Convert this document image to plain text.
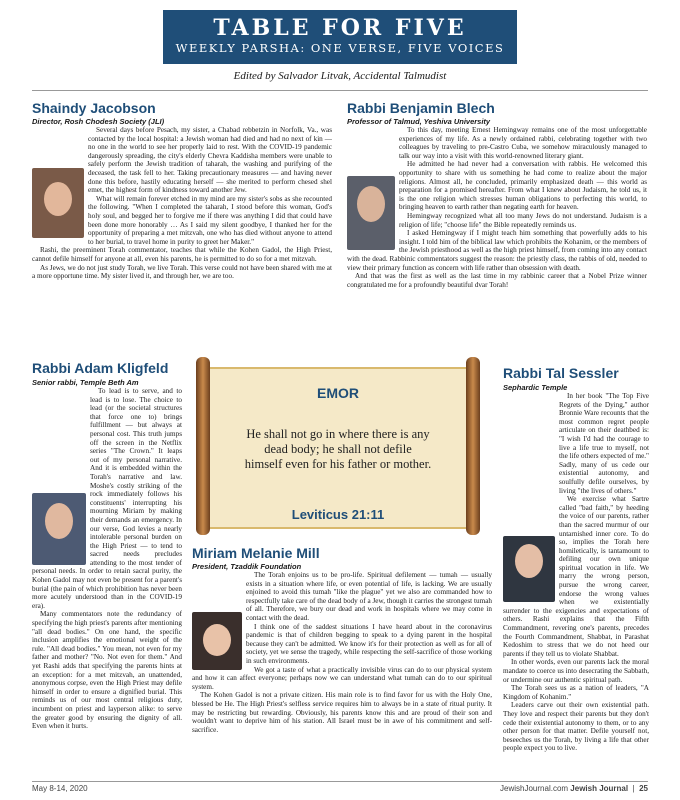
TABLE FOR FIVE
WEEKLY PARSHA: ONE VERSE, FIVE VOICES
Edited by Salvador Litvak, Accidental Talmudist
Shaindy Jacobson
Director, Rosh Chodesh Society (JLI)

Several days before Pesach, my sister, a Chabad rebbetzin in Norfolk, Va., was contacted by the local hospital: a Jewish woman had died and had no next of kin — no one in the world to see her properly laid to rest. With the COVID-19 pandemic dangerously spreading, the city's elderly Chevra Kaddisha members were unable to safely perform the Jewish tradition of taharah, the washing and purifying of the deceased, the task fell to her. Taking precautionary measures — and having never done this before, hastily educating herself — she merited to perform chesed shel emet, the highest form of kindness toward another Jew.

What will remain forever etched in my mind are my sister's sobs as she recounted the following. "When I completed the taharah, I stood before this woman, God's holy soul, and begged her to forgive me if there was anything I did that could have been done more honorably … As I said my silent goodbye, I thanked her for the opportunity of preparing a met mitzvah, one who has died without anyone to attend to her burial, to travel home in purity to greet her Maker."

Rashi, the preeminent Torah commentator, teaches that while the Kohen Gadol, the High Priest, cannot defile himself for anyone at all, even his parents, he is permitted to do so for a met mitzvah.

As Jews, we do not just study Torah, we live Torah. This verse could not have been shared with me at a more opportune time. My sister lived it, and through her, we are too.

Rabbi Benjamin Blech
Professor of Talmud, Yeshiva University

To this day, meeting Ernest Hemingway remains one of the most unforgettable experiences of my life. As a newly ordained rabbi, celebrating together with two colleagues by traveling to pre-Castro Cuba, we somehow miraculously managed to talk our way into a visit with this world-renowned literary giant.

He admitted he had never had a conversation with rabbis. He welcomed this opportunity to share with us something he had come to realize about the major religions. Almost all, he concluded, primarily emphasized death — this world as preparation for a promised hereafter. From what I knew about Judaism, he told us, it is the one religion which stresses human obligations to perfecting this world, to bringing heaven to earth rather than negating earth for heaven.

Hemingway recognized what all too many Jews do not understand. Judaism is a religion of life; "choose life" the Bible repeatedly reminds us.

I asked Hemingway if I might teach him something that powerfully adds to his insight. I told him of the biblical law which prohibits the Kohanim, or the members of the Jewish priesthood as well as the high priest himself, from coming into any contact with the dead. Rabbinic commentators suggest the reason: the priestly class, the rabbis of old, needed to view their primary function as concern with life rather than obsession with death.

And that was the first as well as the last time in my rabbinic career that a Nobel Prize winner congratulated me for a profoundly beautiful dvar Torah!

Rabbi Adam Kligfeld
Senior rabbi, Temple Beth Am

To lead is to serve, and to lead is to lose. The choice to lead (or the societal structures that force one to) brings fulfillment — but always at personal cost. This truth jumps off the screen in the Netflix series "The Crown." It leaps out of my personal narrative. And it is embedded within the Torah's narrative and law. Moshe's costly striking of the rock immediately follows his constituents' interrupting his mourning Miriam by making their demands an emergency. In our verse, God levies a nearly intolerable personal burden on the High Priest — to tend to sacred needs precludes attending to the most tender of personal needs. In order to retain sacral purity, the Kohen Gadol may not even be present for a parent's burial (the pain of which prohibition has never been more acutely understood than in the COVID-19 era).

Many commentators note the redundancy of specifying the high priest's parents after mentioning "all dead bodies." On one hand, the specific inclusion amplifies the emotional weight of the rule. "All dead bodies." You mean, not even for my father and mother? "No. Not even for them." And yet Rashi adds that specifying the parents hints at an exception: for a met mitzvah, an unattended, anonymous corpse, even the High Priest may defile himself in order to ensure a dignified burial. This reminds us of our most central religious duty, incumbent on priest and layperson alike: to serve the greater good by ensuring the dignity of all. Even when it hurts.

EMOR
He shall not go in where there is any dead body; he shall not defile himself even for his father or mother.
Leviticus 21:11
Rabbi Tal Sessler
Sephardic Temple

In her book "The Top Five Regrets of the Dying," author Bronnie Ware recounts that the most common regret people articulate on their deathbed is: "I wish I'd had the courage to live a life true to myself, not the life others expected of me." Sadly, many of us cede our existential autonomy, and soulfully defile ourselves, by living "the lives of others."

We exercise what Sartre called "bad faith," by heeding the voice of our parents, rather than the sacred murmur of our untarnished inner core. To do so, implies the Torah here homiletically, is tantamount to defiling our own unique spiritual vocation in life. We marry the wrong person, pursue the wrong career, endorse the wrong values when we existentially surrender to the exigencies and expectations of others. Rashi explains that the Fifth Commandment, revering one's parents, precedes the Fourth Commandment, Shabbat, in Parashat Kedoshim to stress that we do not heed our parents if they tell us to violate Shabbat.

In other words, even our parents lack the moral mandate to coerce us into desecrating the Sabbath, or undermine our authentic spiritual path.

The Torah sees us as a nation of leaders, "A Kingdom of Kohanim."

Leaders carve out their own existential path. They love and respect their parents but they don't cede their existential autonomy to them, or to any other person for that matter. Defile yourself not, beseeches us the Torah, by living a life that other people expect you to live.

Miriam Melanie Mill
President, Tzaddik Foundation

The Torah enjoins us to be pro-life. Spiritual defilement — tumah — usually exists in a situation where life, or even potential of life, is lacking. We are usually enjoined to avoid this tumah "like the plague" yet we also are commanded how to respectfully take care of the dead body of a Jew, though it carries the strongest tumah of all. Therefore, we bury our dead and work in hospitals where we may come in contact with the dead.

I think one of the saddest situations I have heard about in the coronavirus pandemic is that of children begging to speak to a dying parent in the hospital because they can't be admitted. We know it's for their protection as well as for all of society, yet we sense the tragedy, while respecting the self-sacrifice of those working in such environments.

We got a taste of what a practically invisible virus can do to our physical system and how it can affect everyone; perhaps now we can understand what tumah can do to our spiritual system.

The Kohen Gadol is not a private citizen. His main role is to find favor for us with the Holy One, blessed be He. The High Priest's selfless service requires him to always be in a state of ritual purity. It may be restricting but rewarding. Obviously, his parents know this and are proud of their son and wouldn't want to deprive him of his station. All Israel must be in awe of his commitment and self-sacrifice.

May 8-14, 2020	JewishJournal.com Jewish Journal  |  25
